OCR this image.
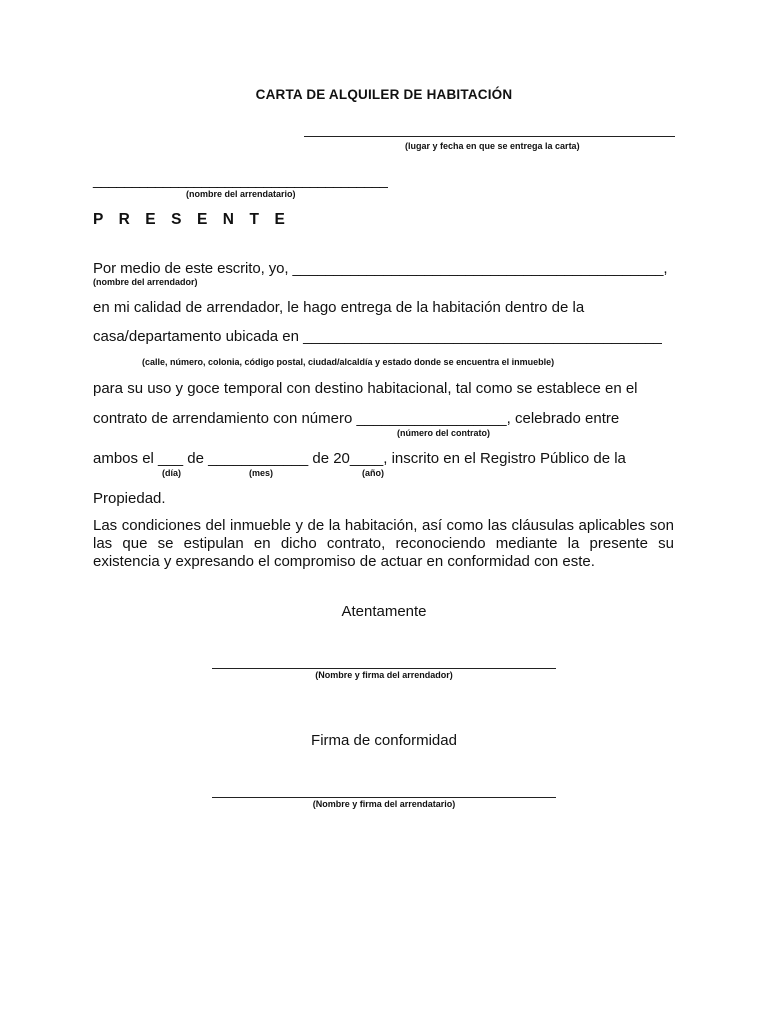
CARTA DE ALQUILER DE HABITACIÓN
(lugar y fecha en que se entrega la carta)
______________________________________
(nombre del arrendatario)
P R E S E N T E
Por medio de este escrito, yo, _____________________________________________,
(nombre del arrendador)
en mi calidad de arrendador, le hago entrega de la habitación dentro de la
casa/departamento ubicada en ___________________________________________
(calle, número, colonia, código postal, ciudad/alcaldía y estado donde se encuentra el inmueble)
para su uso y goce temporal con destino habitacional, tal como se establece en el
contrato de arrendamiento con número __________________, celebrado entre
(número del contrato)
ambos el ___ de ____________ de 20____, inscrito en el Registro Público de la
(día)	(mes)	(año)
Propiedad.
Las condiciones del inmueble y de la habitación, así como las cláusulas aplicables son las que se estipulan en dicho contrato, reconociendo mediante la presente su existencia y expresando el compromiso de actuar en conformidad con este.
Atentamente
(Nombre y firma del arrendador)
Firma de conformidad
(Nombre y firma del arrendatario)
